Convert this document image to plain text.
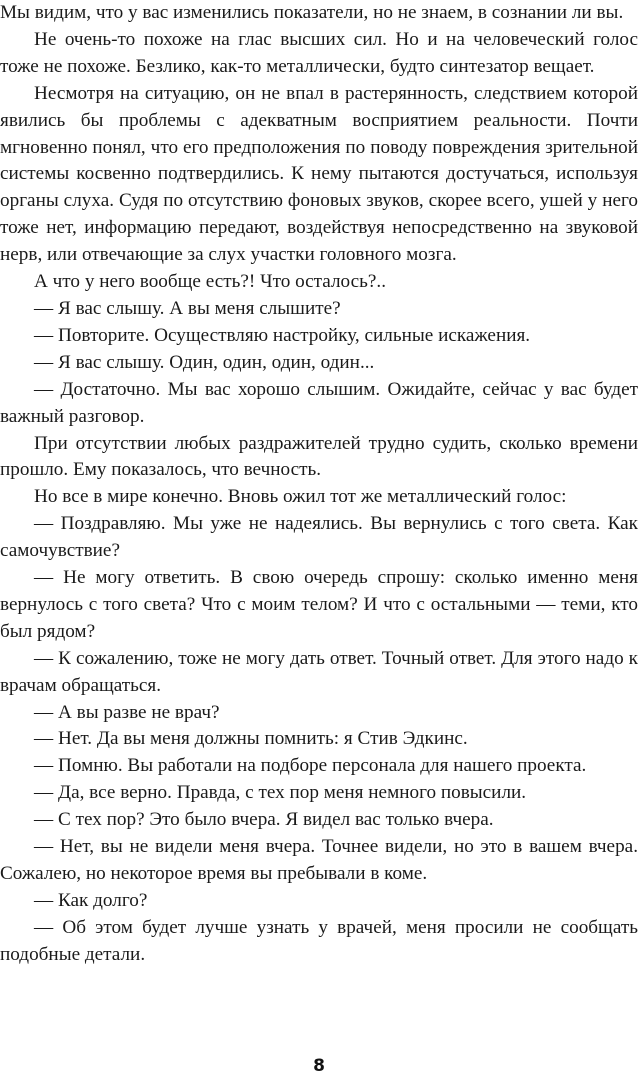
Мы видим, что у вас изменились показатели, но не знаем, в сознании ли вы.

Не очень-то похоже на глас высших сил. Но и на человеческий голос тоже не похоже. Безлико, как-то металлически, будто синтезатор вещает.

Несмотря на ситуацию, он не впал в растерянность, следствием которой явились бы проблемы с адекватным восприятием реальности. Почти мгновенно понял, что его предположения по поводу повреждения зрительной системы косвенно подтвердились. К нему пытаются достучаться, используя органы слуха. Судя по отсутствию фоновых звуков, скорее всего, ушей у него тоже нет, информацию передают, воздействуя непосредственно на звуковой нерв, или отвечающие за слух участки головного мозга.

А что у него вообще есть?! Что осталось?..

— Я вас слышу. А вы меня слышите?

— Повторите. Осуществляю настройку, сильные искажения.

— Я вас слышу. Один, один, один, один...

— Достаточно. Мы вас хорошо слышим. Ожидайте, сейчас у вас будет важный разговор.

При отсутствии любых раздражителей трудно судить, сколько времени прошло. Ему показалось, что вечность.

Но все в мире конечно. Вновь ожил тот же металлический голос:

— Поздравляю. Мы уже не надеялись. Вы вернулись с того света. Как самочувствие?

— Не могу ответить. В свою очередь спрошу: сколько именно меня вернулось с того света? Что с моим телом? И что с остальными — теми, кто был рядом?

— К сожалению, тоже не могу дать ответ. Точный ответ. Для этого надо к врачам обращаться.

— А вы разве не врач?

— Нет. Да вы меня должны помнить: я Стив Эдкинс.

— Помню. Вы работали на подборе персонала для нашего проекта.

— Да, все верно. Правда, с тех пор меня немного повысили.

— С тех пор? Это было вчера. Я видел вас только вчера.

— Нет, вы не видели меня вчера. Точнее видели, но это в вашем вчера. Сожалею, но некоторое время вы пребывали в коме.

— Как долго?

— Об этом будет лучше узнать у врачей, меня просили не сообщать подобные детали.

8
